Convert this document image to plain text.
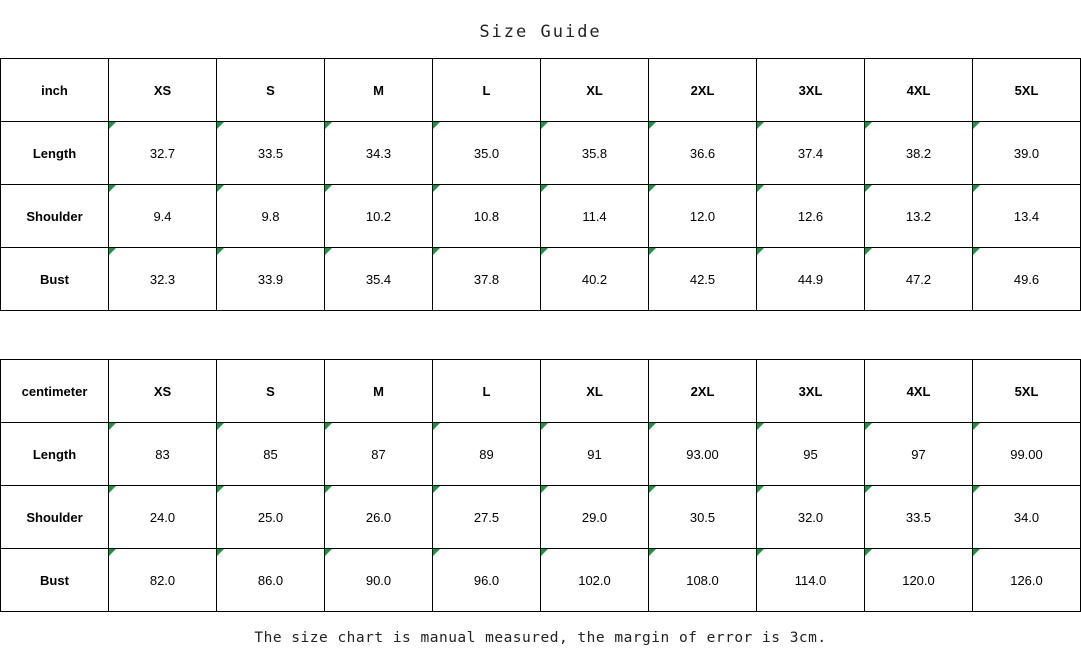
Size Guide
inch	XS	S	M	L	XL	2XL	3XL	4XL	5XL
Length	32.7	33.5	34.3	35.0	35.8	36.6	37.4	38.2	39.0
Shoulder	9.4	9.8	10.2	10.8	11.4	12.0	12.6	13.2	13.4
Bust	32.3	33.9	35.4	37.8	40.2	42.5	44.9	47.2	49.6
centimeter	XS	S	M	L	XL	2XL	3XL	4XL	5XL
Length	83	85	87	89	91	93.00	95	97	99.00
Shoulder	24.0	25.0	26.0	27.5	29.0	30.5	32.0	33.5	34.0
Bust	82.0	86.0	90.0	96.0	102.0	108.0	114.0	120.0	126.0
The size chart is manual measured, the margin of error is 3cm.
